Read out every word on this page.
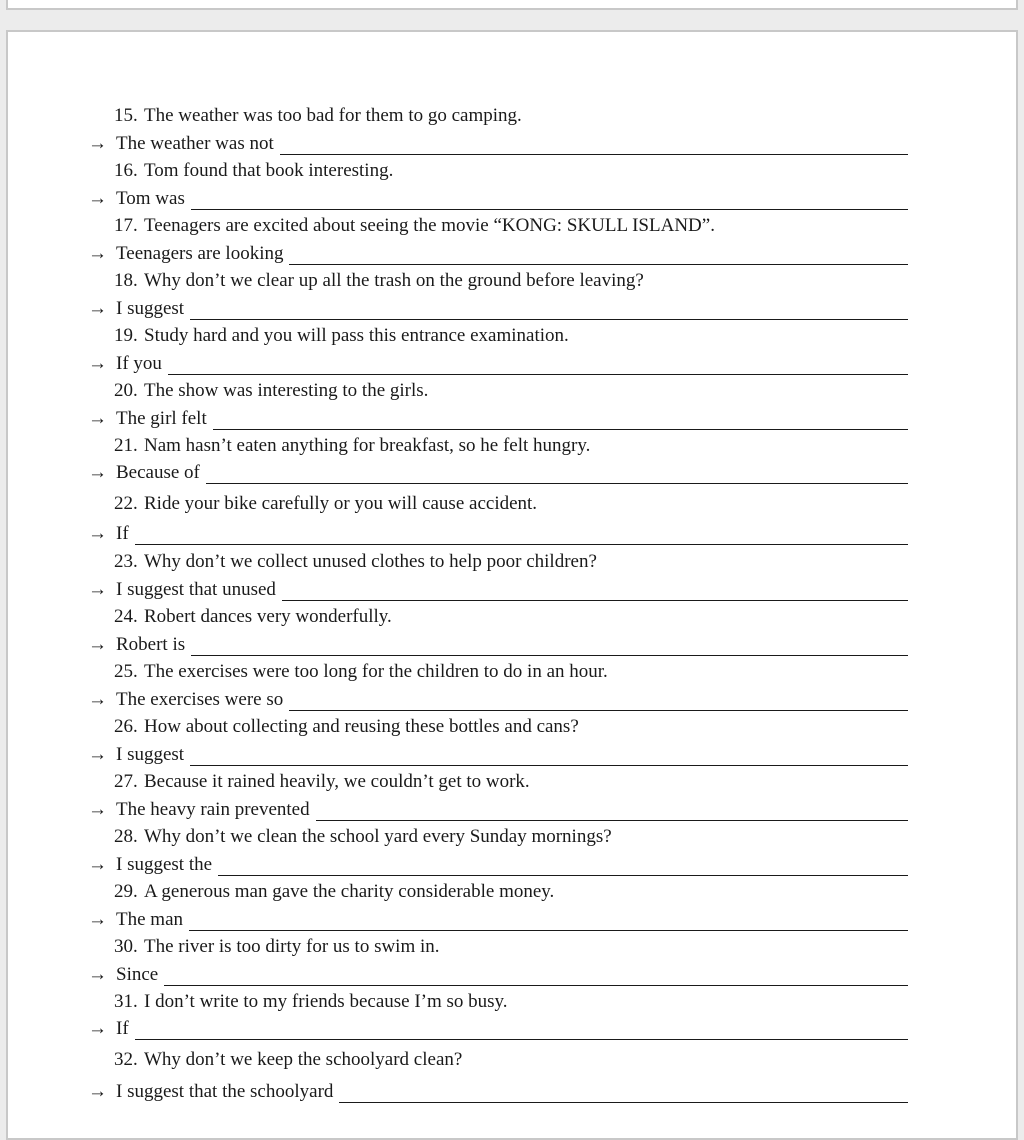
15. The weather was too bad for them to go camping.
→ The weather was not
16. Tom found that book interesting.
→ Tom was
17. Teenagers are excited about seeing the movie “KONG: SKULL ISLAND”.
→ Teenagers are looking
18. Why don’t we clear up all the trash on the ground before leaving?
→ I suggest
19. Study hard and you will pass this entrance examination.
→ If you
20. The show was interesting to the girls.
→ The girl felt
21. Nam hasn’t eaten anything for breakfast, so he felt hungry.
→ Because of
22. Ride your bike carefully or you will cause accident.
→ If
23. Why don’t we collect unused clothes to help poor children?
→ I suggest that unused
24. Robert dances very wonderfully.
→ Robert is
25. The exercises were too long for the children to do in an hour.
→ The exercises were so
26. How about collecting and reusing these bottles and cans?
→ I suggest
27. Because it rained heavily, we couldn’t get to work.
→ The heavy rain prevented
28. Why don’t we clean the school yard every Sunday mornings?
→ I suggest the
29. A generous man gave the charity considerable money.
→ The man
30. The river is too dirty for us to swim in.
→ Since
31. I don’t write to my friends because I’m so busy.
→ If
32. Why don’t we keep the schoolyard clean?
→ I suggest that the schoolyard
